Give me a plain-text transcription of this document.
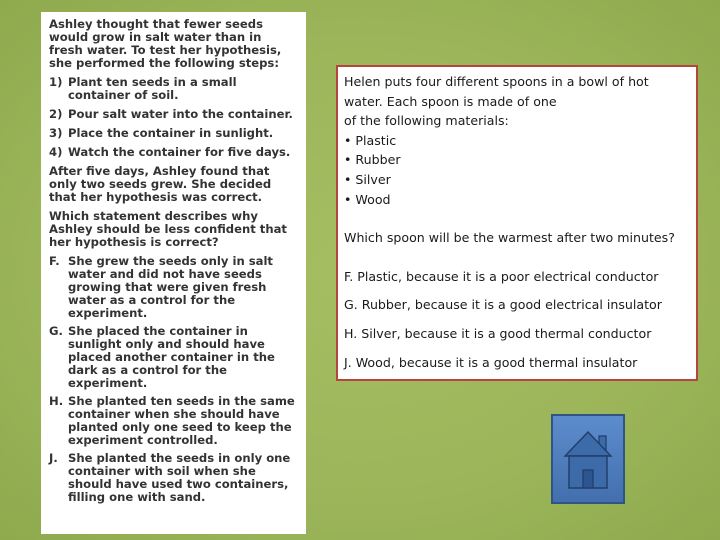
Ashley thought that fewer seeds would grow in salt water than in fresh water. To test her hypothesis, she performed the following steps:

1) Plant ten seeds in a small container of soil.
2) Pour salt water into the container.
3) Place the container in sunlight.
4) Watch the container for five days.

After five days, Ashley found that only two seeds grew. She decided that her hypothesis was correct.

Which statement describes why Ashley should be less confident that her hypothesis is correct?

F. She grew the seeds only in salt water and did not have seeds growing that were given fresh water as a control for the experiment.
G. She placed the container in sunlight only and should have placed another container in the dark as a control for the experiment.
H. She planted ten seeds in the same container when she should have planted only one seed to keep the experiment controlled.
J. She planted the seeds in only one container with soil when she should have used two containers, filling one with sand.

Helen puts four different spoons in a bowl of hot

water. Each spoon is made of one

of the following materials:

• Plastic

• Rubber

• Silver

• Wood

Which spoon will be the warmest after two minutes?

F. Plastic, because it is a poor electrical conductor

G. Rubber, because it is a good electrical insulator

H. Silver, because it is a good thermal conductor

J. Wood, because it is a good thermal insulator
